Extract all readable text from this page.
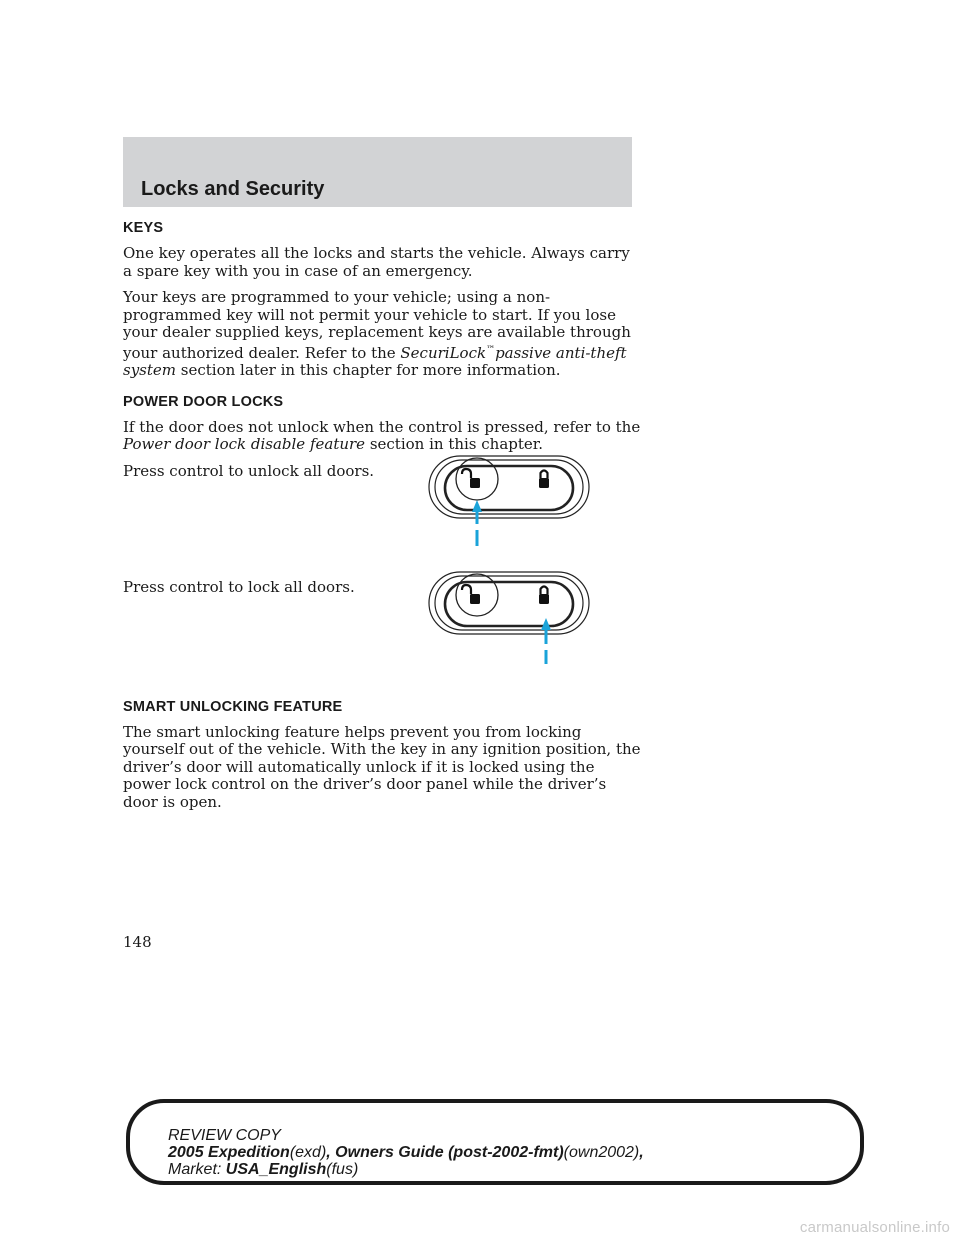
Locks and Security
KEYS

One key operates all the locks and starts the vehicle. Always carry a spare key with you in case of an emergency.

Your keys are programmed to your vehicle; using a non-programmed key will not permit your vehicle to start. If you lose your dealer supplied keys, replacement keys are available through your authorized dealer. Refer to the SecuriLock™passive anti-theft system section later in this chapter for more information.

POWER DOOR LOCKS

If the door does not unlock when the control is pressed, refer to the Power door lock disable feature section in this chapter.

Press control to unlock all doors.

Press control to lock all doors.

SMART UNLOCKING FEATURE

The smart unlocking feature helps prevent you from locking yourself out of the vehicle. With the key in any ignition position, the driver’s door will automatically unlock if it is locked using the power lock control on the driver’s door panel while the driver’s door is open.

148
REVIEW COPY
2005 Expedition(exd), Owners Guide (post-2002-fmt)(own2002),
Market: USA_English(fus)
carmanualsonline.info
